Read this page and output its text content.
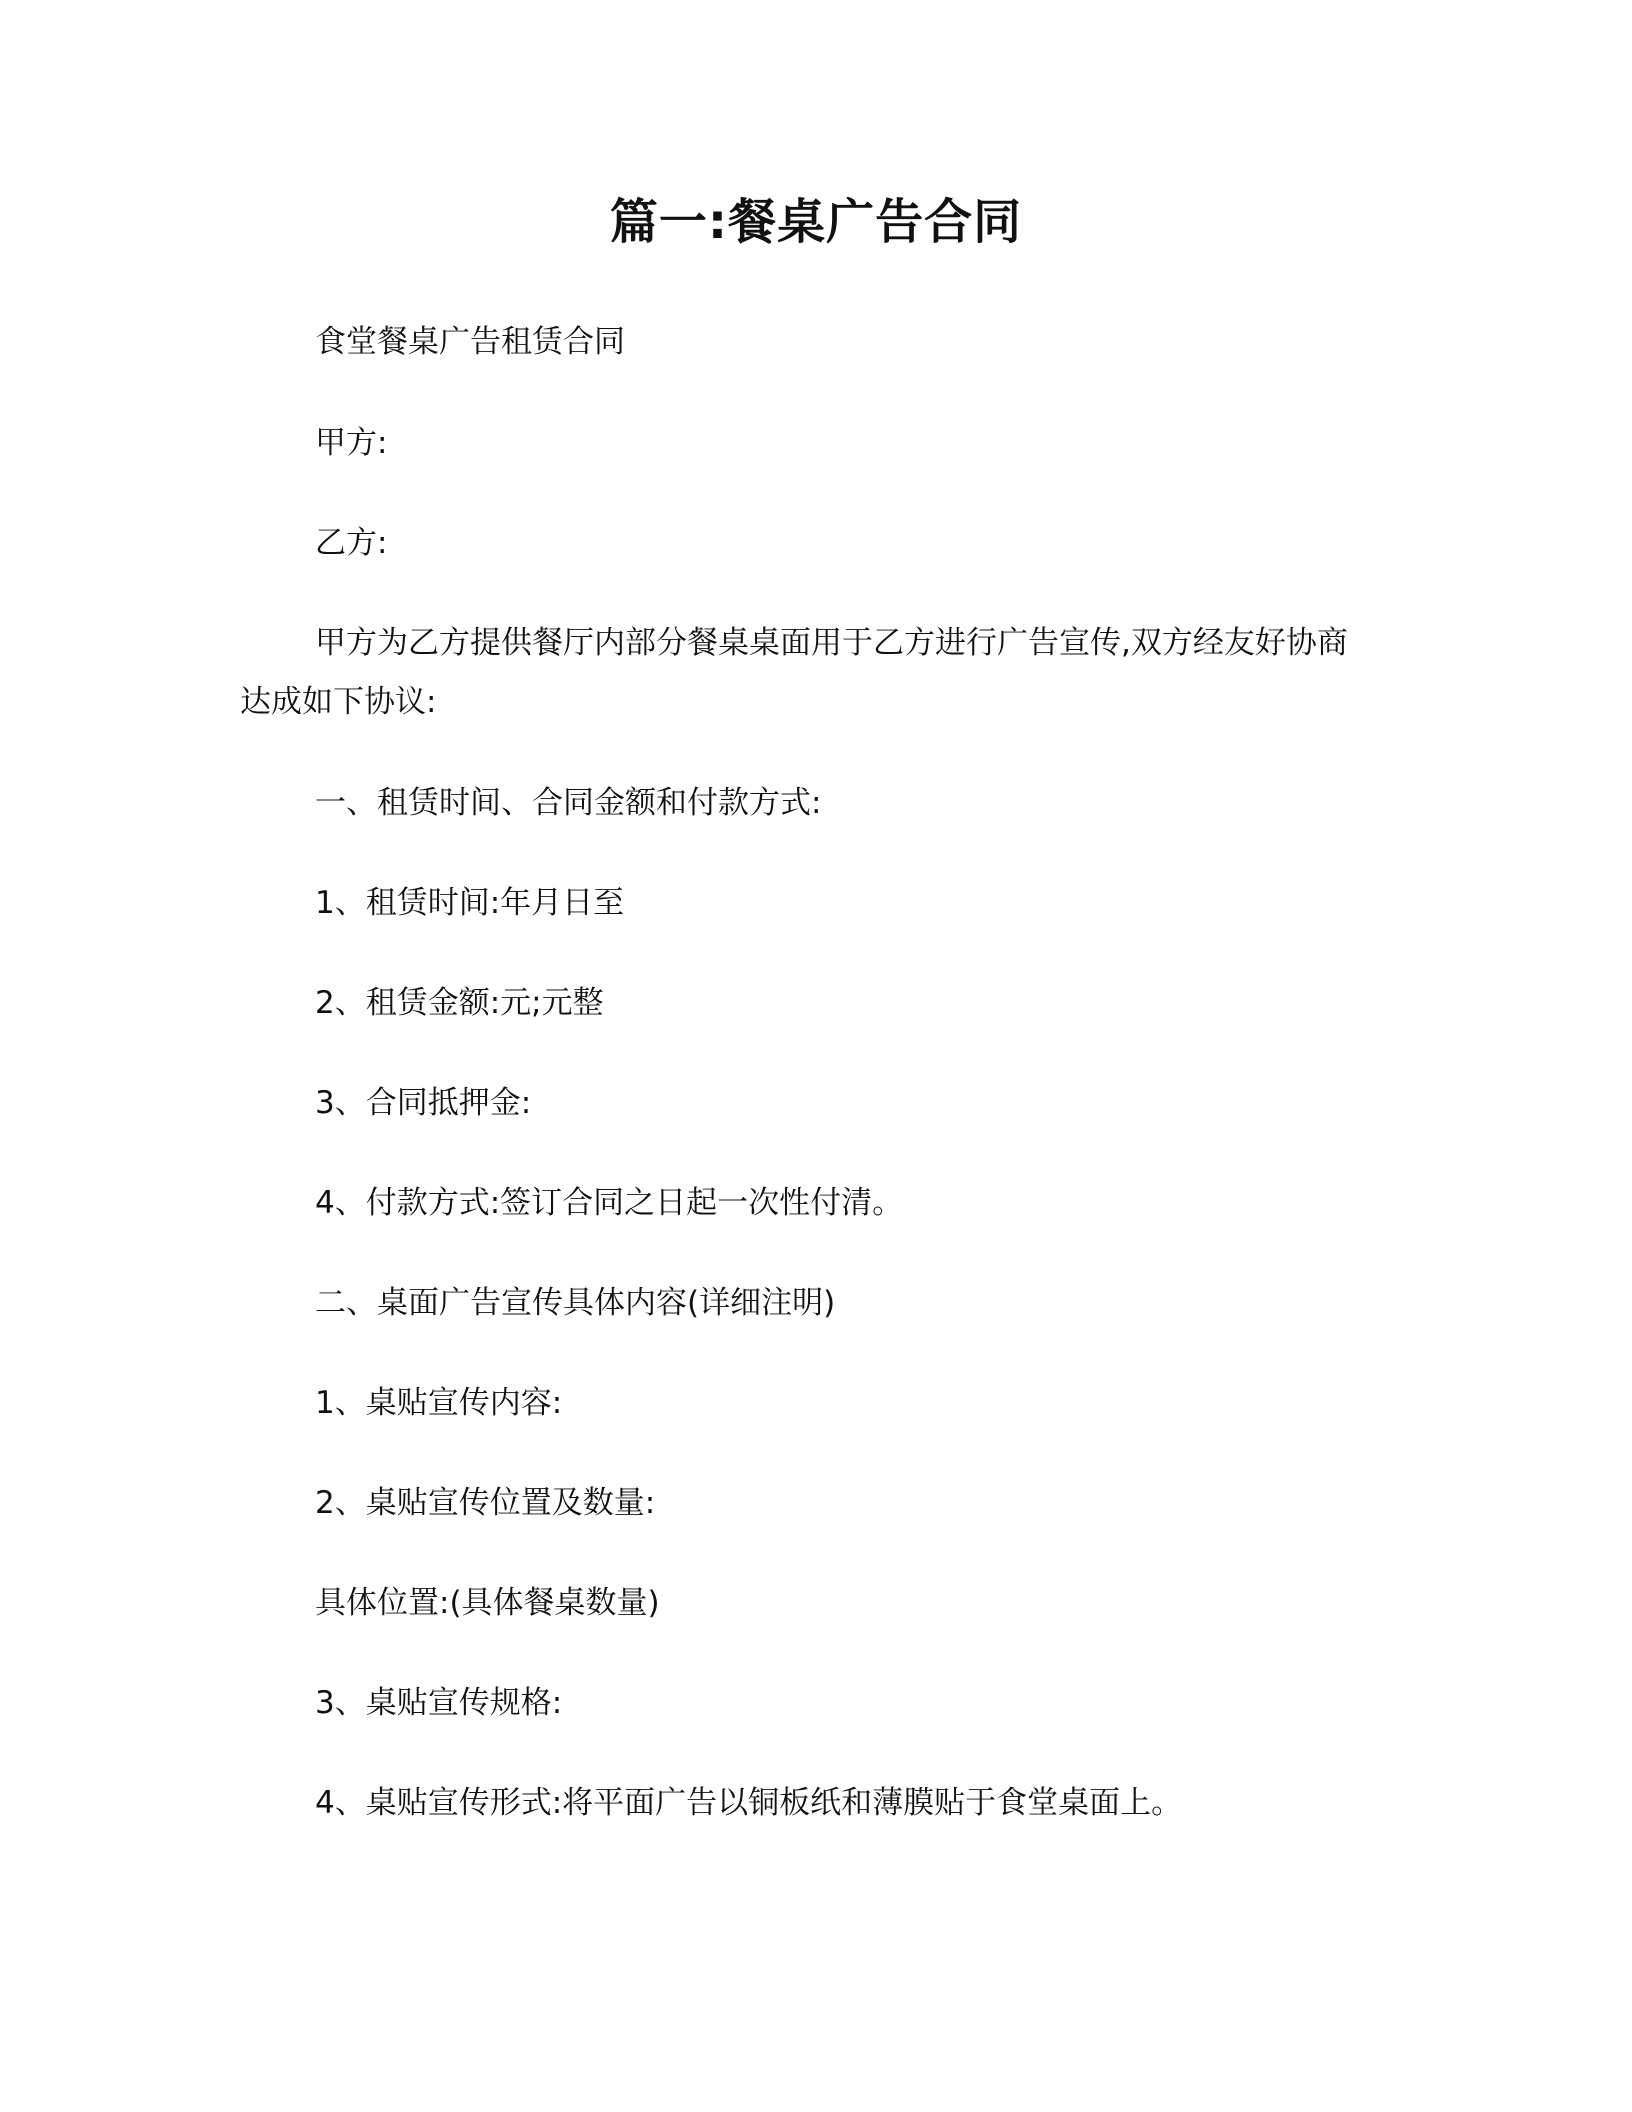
篇一:餐桌广告合同
食堂餐桌广告租赁合同
甲方:
乙方:
甲方为乙方提供餐厅内部分餐桌桌面用于乙方进行广告宣传,双方经友好协商
达成如下协议:
一、租赁时间、合同金额和付款方式:
1、租赁时间:年月日至
2、租赁金额:元;元整
3、合同抵押金:
4、付款方式:签订合同之日起一次性付清。
二、桌面广告宣传具体内容(详细注明)
1、桌贴宣传内容:
2、桌贴宣传位置及数量:
具体位置:(具体餐桌数量)
3、桌贴宣传规格:
4、桌贴宣传形式:将平面广告以铜板纸和薄膜贴于食堂桌面上。
